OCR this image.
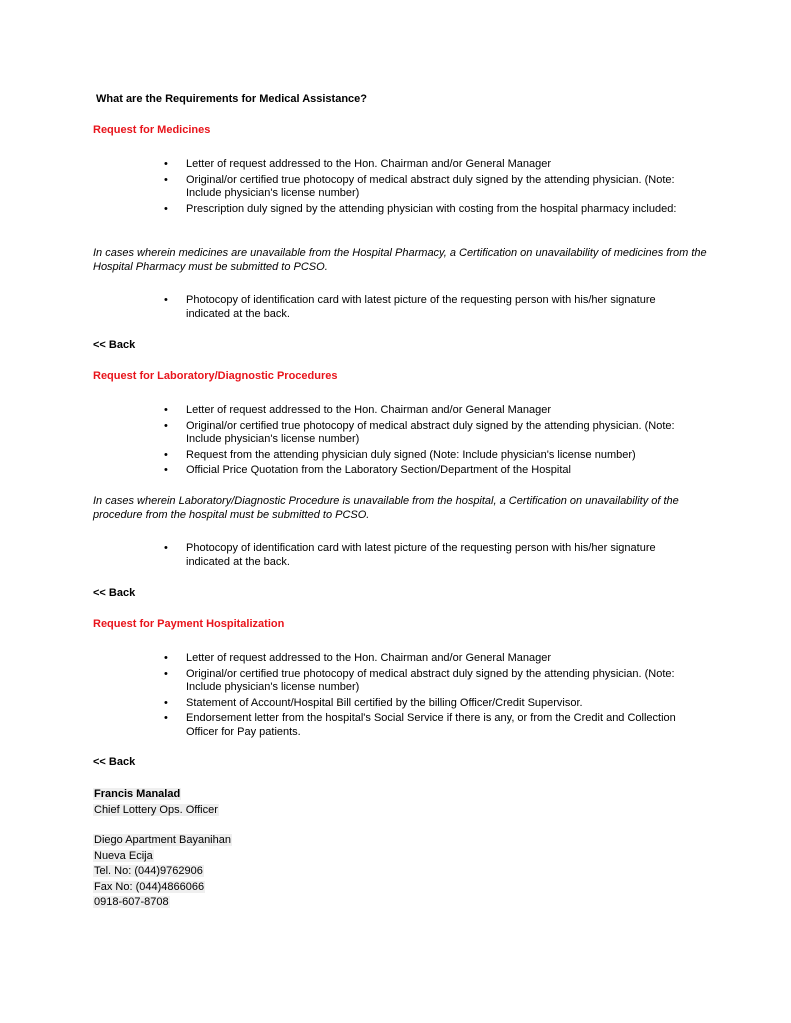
What are the Requirements for Medical Assistance?
Request for Medicines
• Letter of request addressed to the Hon. Chairman and/or General Manager
• Original/or certified true photocopy of medical abstract duly signed by the attending physician. (Note: Include physician's license number)
• Prescription duly signed by the attending physician with costing from the hospital pharmacy included:
In cases wherein medicines are unavailable from the Hospital Pharmacy, a Certification on unavailability of medicines from the Hospital Pharmacy must be submitted to PCSO.
• Photocopy of identification card with latest picture of the requesting person with his/her signature indicated at the back.
<< Back
Request for Laboratory/Diagnostic Procedures
• Letter of request addressed to the Hon. Chairman and/or General Manager
• Original/or certified true photocopy of medical abstract duly signed by the attending physician. (Note: Include physician's license number)
• Request from the attending physician duly signed (Note: Include physician's license number)
• Official Price Quotation from the Laboratory Section/Department of the Hospital
In cases wherein Laboratory/Diagnostic Procedure is unavailable from the hospital, a Certification on unavailability of the procedure from the hospital must be submitted to PCSO.
• Photocopy of identification card with latest picture of the requesting person with his/her signature indicated at the back.
<< Back
Request for Payment Hospitalization
• Letter of request addressed to the Hon. Chairman and/or General Manager
• Original/or certified true photocopy of medical abstract duly signed by the attending physician. (Note: Include physician's license number)
• Statement of Account/Hospital Bill certified by the billing Officer/Credit Supervisor.
• Endorsement letter from the hospital's Social Service if there is any, or from the Credit and Collection Officer for Pay patients.
<< Back
Francis Manalad
Chief Lottery Ops. Officer
Diego Apartment Bayanihan
Nueva Ecija
Tel. No: (044)9762906
Fax No: (044)4866066
0918-607-8708
